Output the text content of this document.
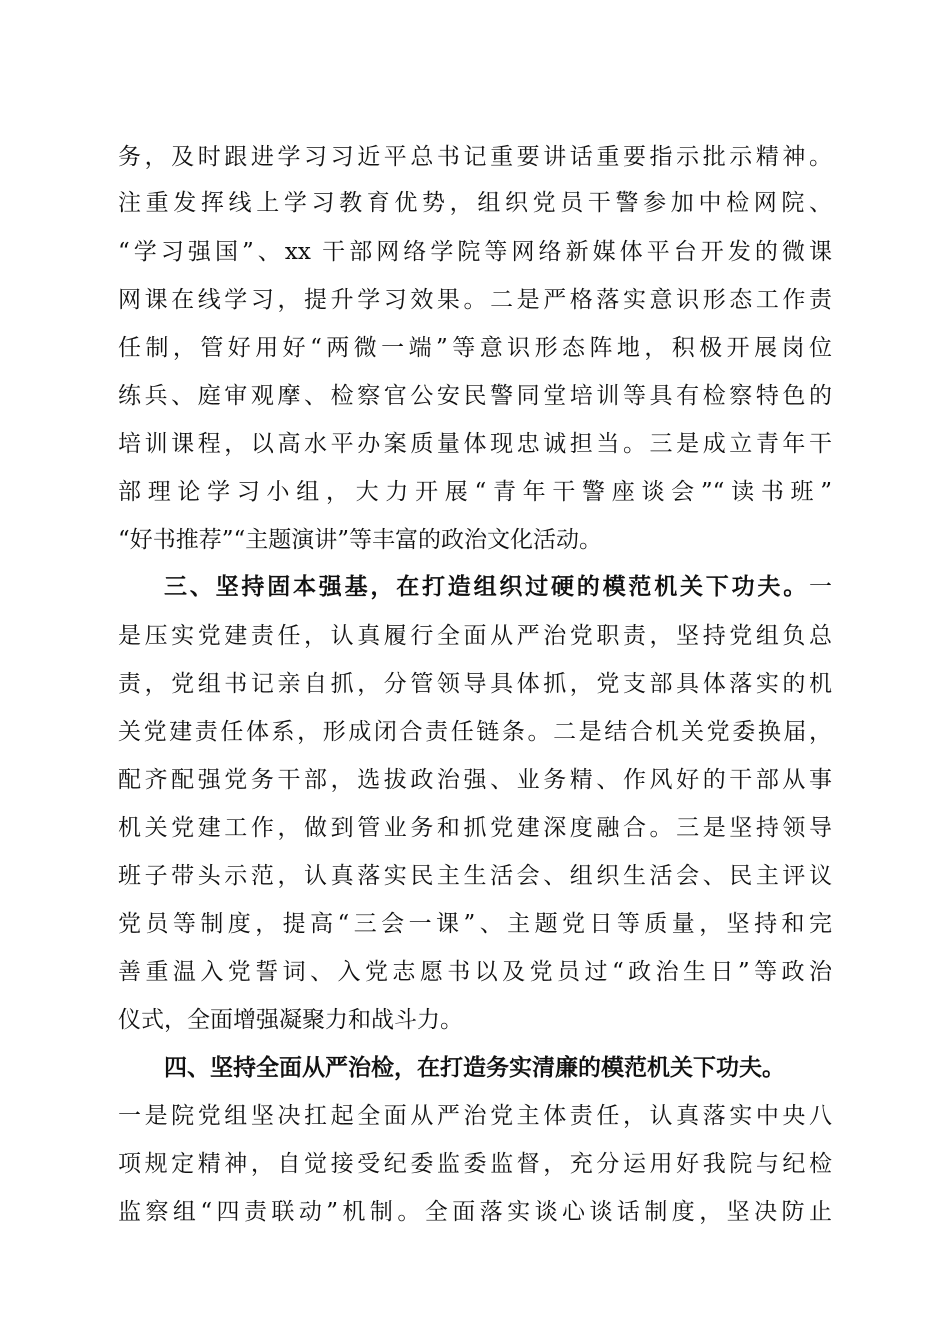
务，及时跟进学习习近平总书记重要讲话重要指示批示精神。
注重发挥线上学习教育优势，组织党员干警参加中检网院、
“学习强国”、xx 干部网络学院等网络新媒体平台开发的微课
网课在线学习，提升学习效果。二是严格落实意识形态工作责
任制，管好用好“两微一端”等意识形态阵地，积极开展岗位
练兵、庭审观摩、检察官公安民警同堂培训等具有检察特色的
培训课程，以高水平办案质量体现忠诚担当。三是成立青年干
部理论学习小组，大力开展“青年干警座谈会”“读书班”
“好书推荐”“主题演讲”等丰富的政治文化活动。
三、坚持固本强基，在打造组织过硬的模范机关下功夫。一
是压实党建责任，认真履行全面从严治党职责，坚持党组负总
责，党组书记亲自抓，分管领导具体抓，党支部具体落实的机
关党建责任体系，形成闭合责任链条。二是结合机关党委换届，
配齐配强党务干部，选拔政治强、业务精、作风好的干部从事
机关党建工作，做到管业务和抓党建深度融合。三是坚持领导
班子带头示范，认真落实民主生活会、组织生活会、民主评议
党员等制度，提高“三会一课”、主题党日等质量，坚持和完
善重温入党誓词、入党志愿书以及党员过“政治生日”等政治
仪式，全面增强凝聚力和战斗力。
四、坚持全面从严治检，在打造务实清廉的模范机关下功夫。
一是院党组坚决扛起全面从严治党主体责任，认真落实中央八
项规定精神，自觉接受纪委监委监督，充分运用好我院与纪检
监察组“四责联动”机制。全面落实谈心谈话制度，坚决防止
